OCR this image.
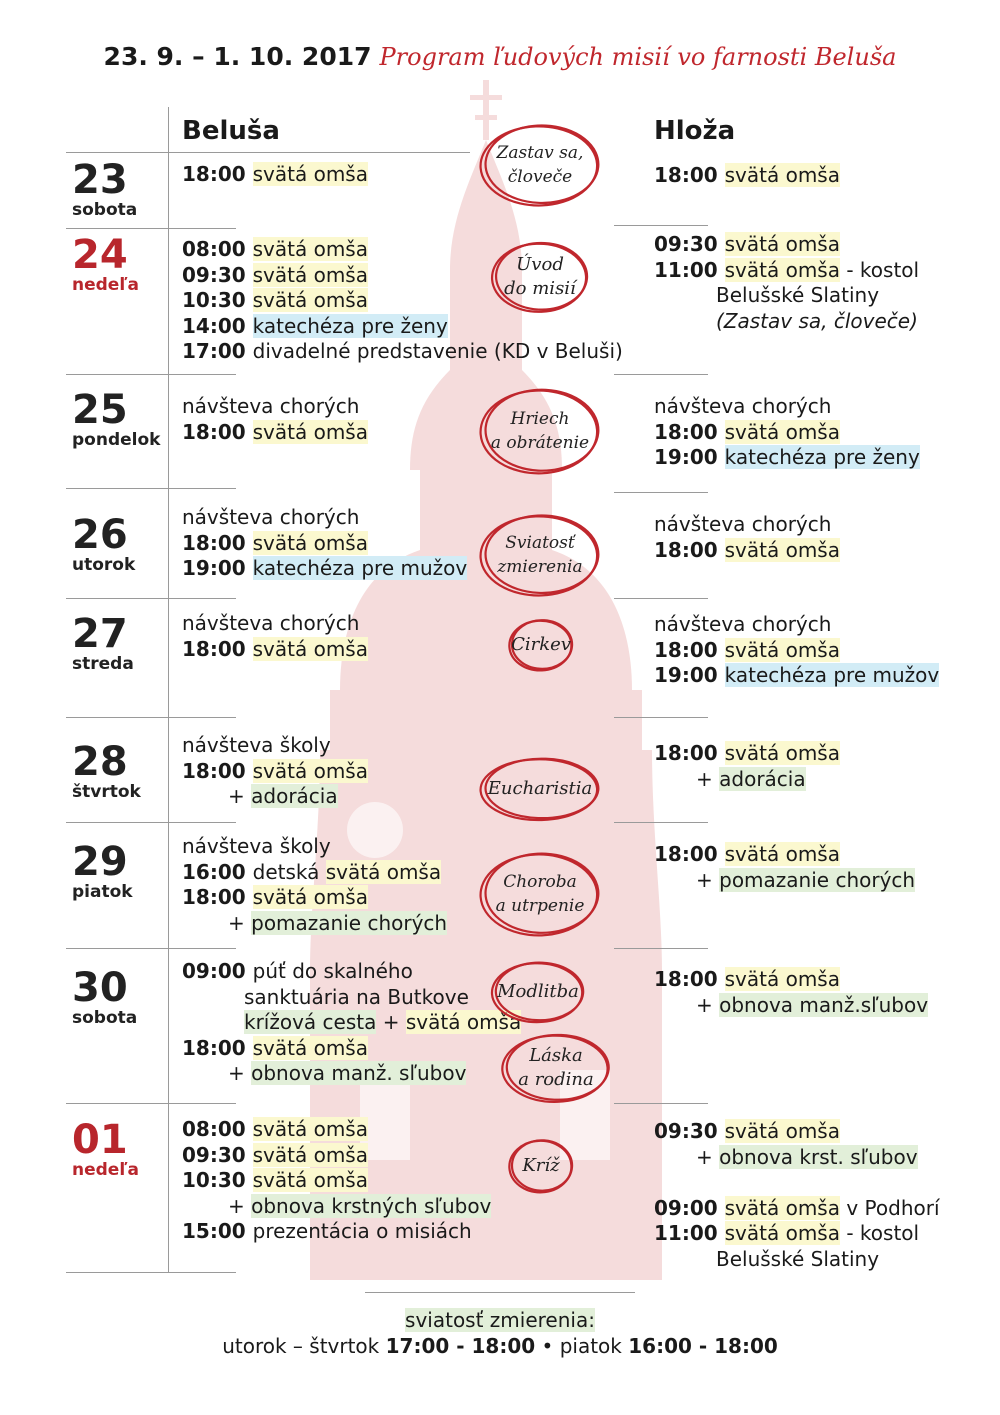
23. 9. – 1. 10. 2017 Program ľudových misií vo farnosti Beluša
Beluša	Hloža
23
sobota
18:00 svätá omša	18:00 svätá omša
24
nedeľa
08:00 svätá omša
09:30 svätá omša
10:30 svätá omša
14:00 katechéza pre ženy
17:00 divadelné predstavenie (KD v Beluši)
09:30 svätá omša
11:00 svätá omša - kostol
Belušské Slatiny
(Zastav sa, človeče)
25
pondelok
návšteva chorých
18:00 svätá omša
návšteva chorých
18:00 svätá omša
19:00 katechéza pre ženy
26
utorok
návšteva chorých
18:00 svätá omša
19:00 katechéza pre mužov
návšteva chorých
18:00 svätá omša
27
streda
návšteva chorých
18:00 svätá omša
návšteva chorých
18:00 svätá omša
19:00 katechéza pre mužov
28
štvrtok
návšteva školy
18:00 svätá omša
+ adorácia
18:00 svätá omša
+ adorácia
29
piatok
návšteva školy
16:00 detská svätá omša
18:00 svätá omša
+ pomazanie chorých
18:00 svätá omša
+ pomazanie chorých
30
sobota
09:00 púť do skalného
sanktuária na Butkove
krížová cesta + svätá omša
18:00 svätá omša
+ obnova manž. sľubov
18:00 svätá omša
+ obnova manž.sľubov
01
nedeľa
08:00 svätá omša
09:30 svätá omša
10:30 svätá omša
+ obnova krstných sľubov
15:00 prezentácia o misiách
09:30 svätá omša
+ obnova krst. sľubov

09:00 svätá omša v Podhorí
11:00 svätá omša - kostol
Belušské Slatiny
Zastav sa,
človeče
Úvod
do misií
Hriech
a obrátenie
Sviatosť
zmierenia
Cirkev
Eucharistia
Choroba
a utrpenie
Modlitba
Láska
a rodina
Kríž
sviatosť zmierenia:
utorok – štvrtok 17:00 - 18:00 • piatok 16:00 - 18:00
